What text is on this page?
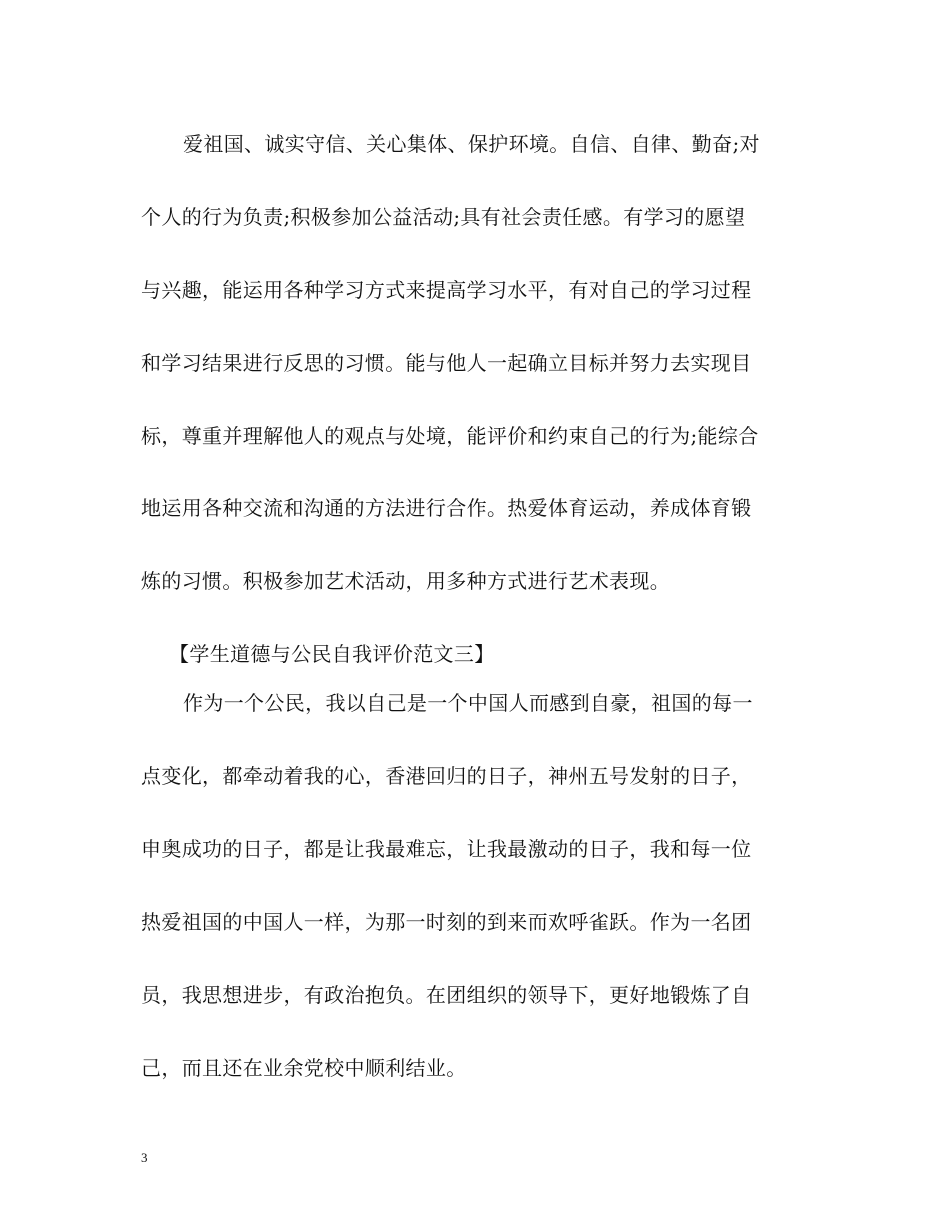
爱祖国、诚实守信、关心集体、保护环境。自信、自律、勤奋;对
个人的行为负责;积极参加公益活动;具有社会责任感。有学习的愿望
与兴趣，能运用各种学习方式来提高学习水平，有对自己的学习过程
和学习结果进行反思的习惯。能与他人一起确立目标并努力去实现目
标，尊重并理解他人的观点与处境，能评价和约束自己的行为;能综合
地运用各种交流和沟通的方法进行合作。热爱体育运动，养成体育锻
炼的习惯。积极参加艺术活动，用多种方式进行艺术表现。
【学生道德与公民自我评价范文三】
作为一个公民，我以自己是一个中国人而感到自豪，祖国的每一
点变化，都牵动着我的心，香港回归的日子，神州五号发射的日子，
申奥成功的日子，都是让我最难忘，让我最激动的日子，我和每一位
热爱祖国的中国人一样，为那一时刻的到来而欢呼雀跃。作为一名团
员，我思想进步，有政治抱负。在团组织的领导下，更好地锻炼了自
己，而且还在业余党校中顺利结业。
3
